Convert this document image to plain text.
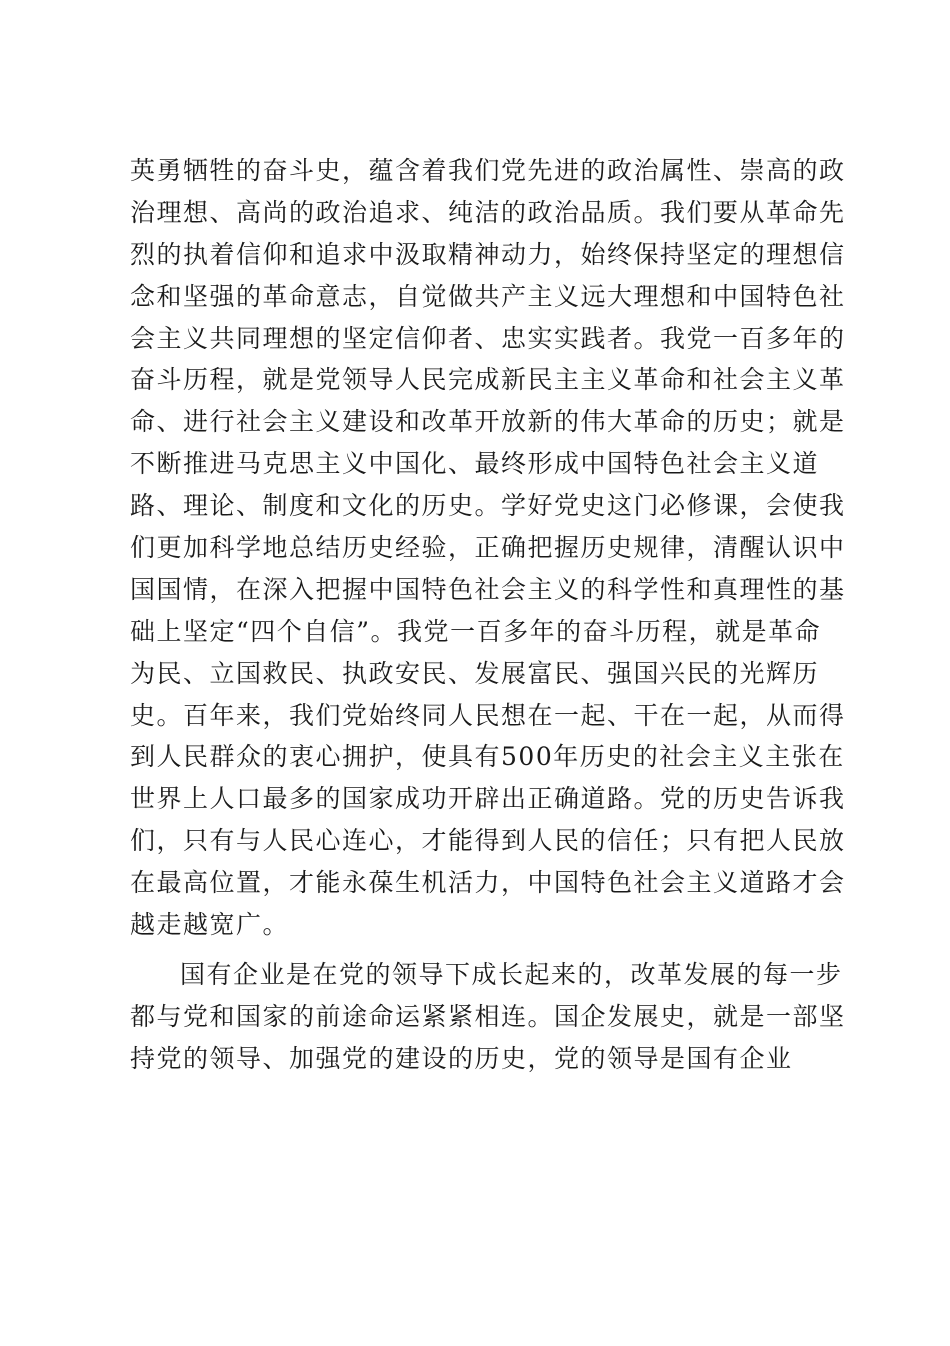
英勇牺牲的奋斗史，蕴含着我们党先进的政治属性、崇高的政
治理想、高尚的政治追求、纯洁的政治品质。我们要从革命先
烈的执着信仰和追求中汲取精神动力，始终保持坚定的理想信
念和坚强的革命意志，自觉做共产主义远大理想和中国特色社
会主义共同理想的坚定信仰者、忠实实践者。我党一百多年的
奋斗历程，就是党领导人民完成新民主主义革命和社会主义革
命、进行社会主义建设和改革开放新的伟大革命的历史；就是
不断推进马克思主义中国化、最终形成中国特色社会主义道
路、理论、制度和文化的历史。学好党史这门必修课，会使我
们更加科学地总结历史经验，正确把握历史规律，清醒认识中
国国情，在深入把握中国特色社会主义的科学性和真理性的基
础上坚定“四个自信”。我党一百多年的奋斗历程，就是革命
为民、立国救民、执政安民、发展富民、强国兴民的光辉历
史。百年来，我们党始终同人民想在一起、干在一起，从而得
到人民群众的衷心拥护，使具有500年历史的社会主义主张在
世界上人口最多的国家成功开辟出正确道路。党的历史告诉我
们，只有与人民心连心，才能得到人民的信任；只有把人民放
在最高位置，才能永葆生机活力，中国特色社会主义道路才会
越走越宽广。
国有企业是在党的领导下成长起来的，改革发展的每一步
都与党和国家的前途命运紧紧相连。国企发展史，就是一部坚
持党的领导、加强党的建设的历史，党的领导是国有企业
